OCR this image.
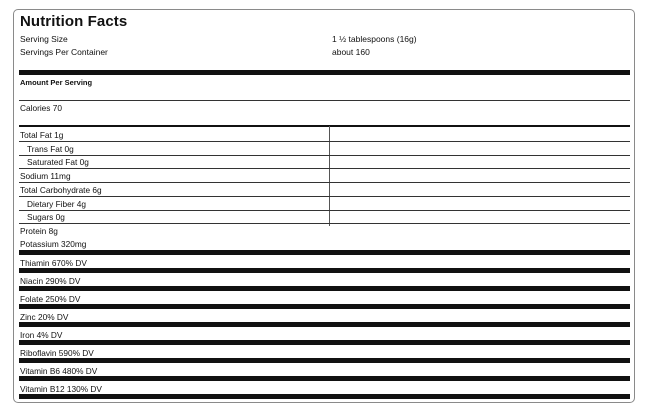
Nutrition Facts
Serving Size	1 ½ tablespoons (16g)
Servings Per Container	about 160
Amount Per Serving
Calories 70
Total Fat 1g
Trans Fat 0g
Saturated Fat 0g
Sodium 11mg
Total Carbohydrate 6g
Dietary Fiber 4g
Sugars 0g
Protein 8g
Potassium 320mg
Thiamin 670% DV
Niacin 290% DV
Folate 250% DV
Zinc 20% DV
Iron 4% DV
Riboflavin 590% DV
Vitamin B6 480% DV
Vitamin B12 130% DV
